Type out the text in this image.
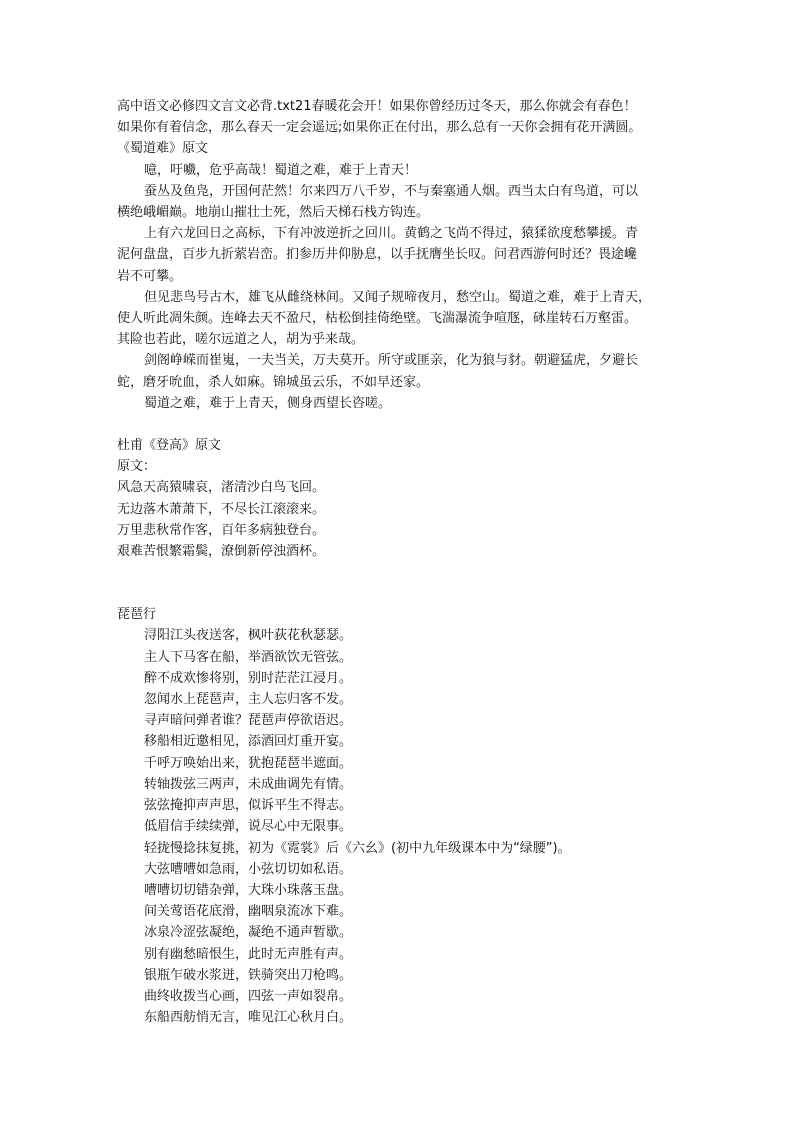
高中语文必修四文言文必背.txt21春暖花会开！如果你曾经历过冬天，那么你就会有春色！

如果你有着信念，那么春天一定会遥远;如果你正在付出，那么总有一天你会拥有花开满圆。

《蜀道难》原文

噫，吁嚱，危乎高哉！蜀道之难，难于上青天！

蚕丛及鱼凫，开国何茫然！尔来四万八千岁，不与秦塞通人烟。西当太白有鸟道，可以

横绝峨嵋巅。地崩山摧壮士死，然后天梯石栈方钩连。

上有六龙回日之高标，下有冲波逆折之回川。黄鹤之飞尚不得过，猿猱欲度愁攀援。青

泥何盘盘，百步九折萦岩峦。扪参历井仰胁息，以手抚膺坐长叹。问君西游何时还？畏途巉

岩不可攀。

但见悲鸟号古木，雄飞从雌绕林间。又闻子规啼夜月，愁空山。蜀道之难，难于上青天，

使人听此凋朱颜。连峰去天不盈尺，枯松倒挂倚绝壁。飞湍瀑流争喧豗，砯崖转石万壑雷。

其险也若此，嗟尔远道之人，胡为乎来哉。

剑阁峥嵘而崔嵬，一夫当关，万夫莫开。所守或匪亲，化为狼与豺。朝避猛虎，夕避长

蛇，磨牙吮血，杀人如麻。锦城虽云乐，不如早还家。

蜀道之难，难于上青天，侧身西望长咨嗟。

杜甫《登高》原文

原文：

风急天高猿啸哀，渚清沙白鸟飞回。

无边落木萧萧下，不尽长江滚滚来。

万里悲秋常作客，百年多病独登台。

艰难苦恨繁霜鬓，潦倒新停浊酒杯。

琵琶行

浔阳江头夜送客，枫叶荻花秋瑟瑟。

主人下马客在船，举酒欲饮无管弦。

醉不成欢惨将别，别时茫茫江浸月。

忽闻水上琵琶声，主人忘归客不发。

寻声暗问弹者谁？琵琶声停欲语迟。

移船相近邀相见，添酒回灯重开宴。

千呼万唤始出来，犹抱琵琶半遮面。

转轴拨弦三两声，未成曲调先有情。

弦弦掩抑声声思，似诉平生不得志。

低眉信手续续弹，说尽心中无限事。

轻拢慢捻抹复挑，初为《霓裳》后《六幺》(初中九年级课本中为“绿腰”)。

大弦嘈嘈如急雨，小弦切切如私语。

嘈嘈切切错杂弹，大珠小珠落玉盘。

间关莺语花底滑，幽咽泉流冰下难。

冰泉冷涩弦凝绝，凝绝不通声暂歇。

别有幽愁暗恨生，此时无声胜有声。

银瓶乍破水浆迸，铁骑突出刀枪鸣。

曲终收拨当心画，四弦一声如裂帛。

东船西舫悄无言，唯见江心秋月白。
